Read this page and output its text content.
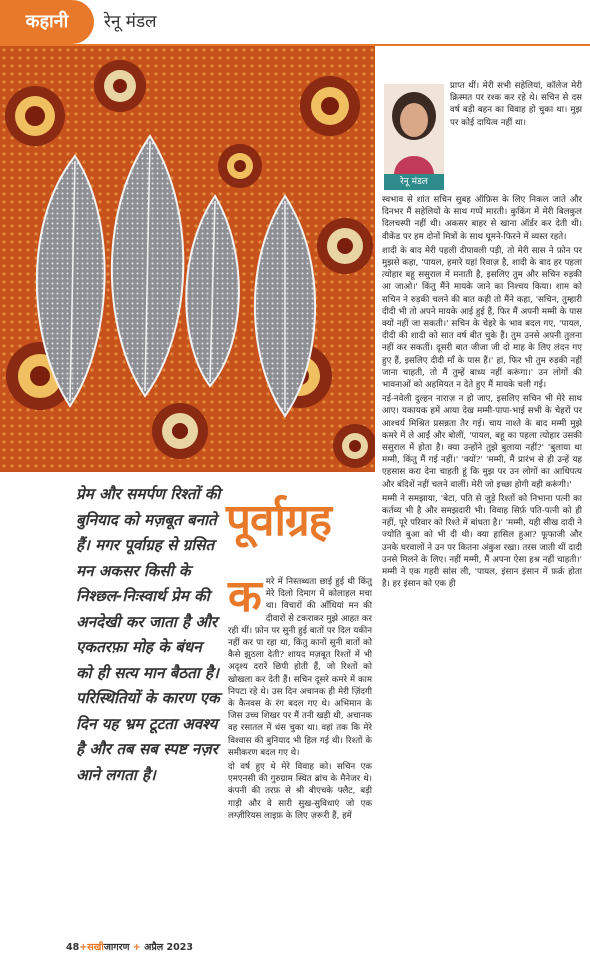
कहानी	रेनू मंडल
रेनू मंडल

प्राप्त थीं। मेरी सभी सहेलियां, कॉलेज मेरी क़िस्मत पर रश्क कर रहे थे। सचिन से दस वर्ष बड़ी बहन का विवाह हो चुका था। मुझ पर कोई दायित्व नहीं था।

स्वभाव से शांत सचिन सुबह ऑफ़िस के लिए निकल जाते और दिनभर मैं सहेलियों के साथ गप्पें मारती। कुकिंग में मेरी बिलकुल दिलचस्पी नहीं थी। अकसर बाहर से खाना ऑर्डर कर देती थी। वीकेंड पर हम दोनों मित्रों के साथ घूमने-फिरने में व्यस्त रहते।

शादी के बाद मेरी पहली दीपावली पड़ी, तो मेरी सास ने फ़ोन पर मुझसे कहा, 'पायल, हमारे यहां रिवाज़ है, शादी के बाद हर पहला त्योहार बहू ससुराल में मनाती है, इसलिए तुम और सचिन रुड़की आ जाओ।' किंतु मैंने मायके जाने का निश्चय किया। शाम को सचिन ने रुड़की चलने की बात कही तो मैंने कहा, 'सचिन, तुम्हारी दीदी भी तो अपने मायके आई हुई हैं, फिर मैं अपनी मम्मी के पास क्यों नहीं जा सकती।' सचिन के चेहरे के भाव बदल गए, 'पायल, दीदी की शादी को सात वर्ष बीत चुके हैं। तुम उनसे अपनी तुलना नहीं कर सकतीं। दूसरी बात जीजा जी दो माह के लिए लंदन गए हुए हैं, इसलिए दीदी माँ के पास हैं।' हां, फिर भी तुम रुड़की नहीं जाना चाहती, तो मैं तुम्हें बाध्य नहीं करूंगा।' उन लोगों की भावनाओं को अहमियत न देते हुए मैं मायके चली गई।

नई-नवेली दुल्हन नाराज़ न हो जाए, इसलिए सचिन भी मेरे साथ आए। यकायक हमें आया देख मम्मी-पापा-भाई सभी के चेहरों पर आश्चर्य मिश्रित प्रसन्नता तैर गई। चाय नाश्ते के बाद मम्मी मुझे कमरे में ले आईं और बोलीं, 'पायल, बहू का पहला त्योहार उसकी ससुराल में होता है। क्या उन्होंने तुझे बुलाया नहीं?' 'बुलाया था मम्मी, किंतु मैं गई नहीं।' 'क्यों?' 'मम्मी, मैं प्रारंभ से ही उन्हें यह एहसास करा देना चाहती हूं कि मुझ पर उन लोगों का आधिपत्य और बंदिशें नहीं चलने वालीं। मेरी जो इच्छा होगी वही करूंगी।'

मम्मी ने समझाया, 'बेटा, पति से जुड़े रिश्तों को निभाना पत्नी का कर्तव्य भी है और समझदारी भी। विवाह सिर्फ़ पति-पत्नी को ही नहीं, पूरे परिवार को रिश्ते में बांधता है।' 'मम्मी, यही सीख दादी ने ज्योति बुआ को भी दी थी। क्या हासिल हुआ? फूफाजी और उनके घरवालों ने उन पर कितना अंकुश रखा। तरस जाती थीं दादी उनसे मिलने के लिए। नहीं मम्मी, मैं अपना ऐसा हश्र नहीं चाहती।' मम्मी ने एक गहरी सांस ली, 'पायल, इंसान इंसान में फ़र्क़ होता है। हर इंसान को एक ही

प्रेम और समर्पण रिश्तों की बुनियाद को मज़बूत बनाते हैं। मगर पूर्वाग्रह से ग्रसित मन अकसर किसी के निश्छल-निःस्वार्थ प्रेम की अनदेखी कर जाता है और एकतरफ़ा मोह के बंधन को ही सत्य मान बैठता है। परिस्थितियों के कारण एक दिन यह भ्रम टूटता अवश्य है और तब सब स्पष्ट नज़र आने लगता है।
पूर्वाग्रह

कमरे में निस्तब्धता छाई हुई थी किंतु मेरे दिलो दिमाग में कोलाहल मचा था। विचारों की आँधियां मन की दीवारों से टकराकर मुझे आहत कर रही थीं। फ़ोन पर सुनी हुई बातों पर दिल यकीन नहीं कर पा रहा था, किंतु कानों सुनी बातों को कैसे झुठला देती? शायद मज़बूत रिश्तों में भी अदृश्य दरारें छिपी होती हैं, जो रिश्तों को खोखला कर देती हैं। सचिन दूसरे कमरे में काम निपटा रहे थे। उस दिन अचानक ही मेरी ज़िंदगी के कैनवस के रंग बदल गए थे। अभिमान के जिस उच्च शिखर पर मैं तनी खड़ी थी, अचानक वह रसातल में धंस चुका था। वहां तक कि मेरे विश्वास की बुनियाद भी हिल गई थी। रिश्तों के समीकरण बदल गए थे।

दो वर्ष हुए थे मेरे विवाह को। सचिन एक एमएनसी की गुरुग्राम स्थित ब्रांच के मैनेजर थे। कंपनी की तरफ़ से श्री बीएचके फ्लैट, बड़ी गाड़ी और वे सारी सुख-सुविधाएं जो एक लग्ज़ीरियस लाइफ़ के लिए ज़रूरी हैं, हमें

48+सखीजागरण + अप्रैल 2023
